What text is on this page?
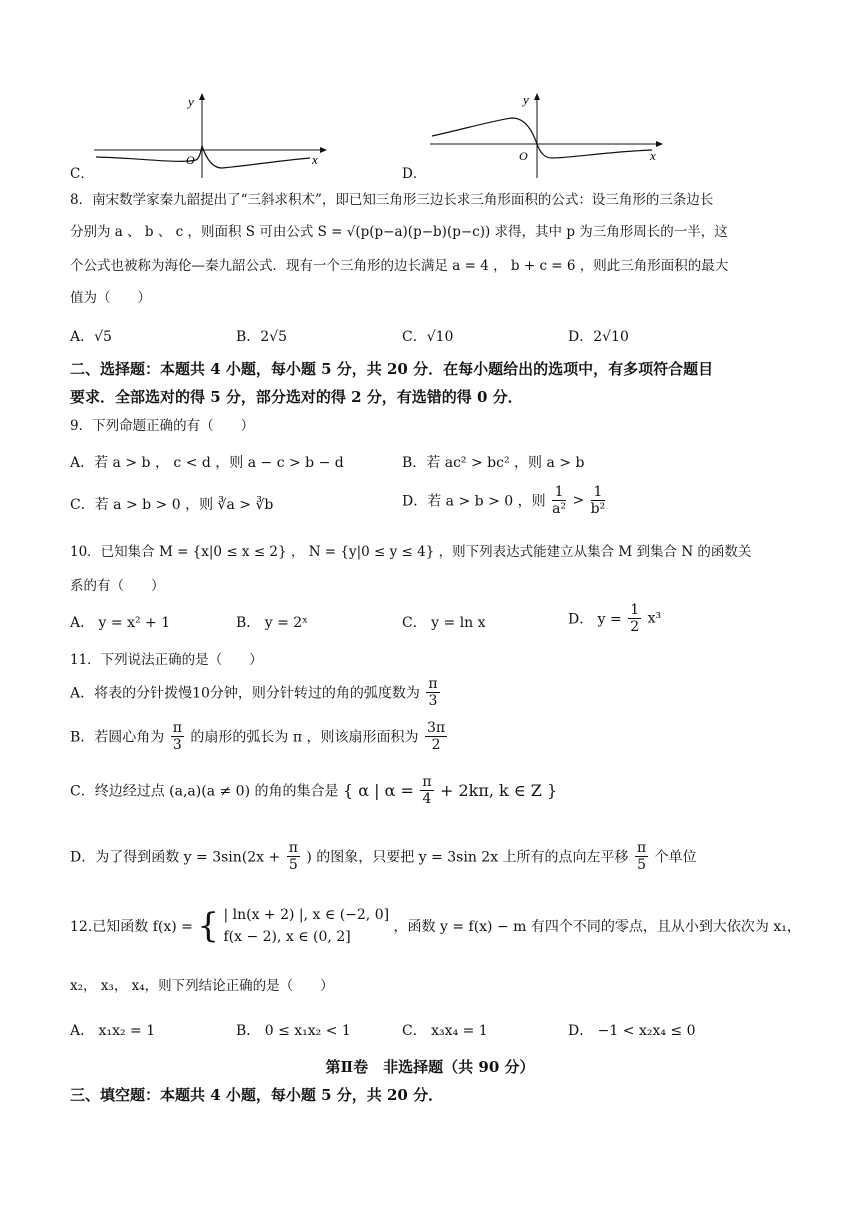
y
x
O
C．
y
x
O
D．
8．南宋数学家秦九韶提出了“三斜求积术”，即已知三角形三边长求三角形面积的公式：设三角形的三条边长
分别为 a 、 b 、 c ，则面积 S 可由公式 S = √(p(p−a)(p−b)(p−c)) 求得，其中 p 为三角形周长的一半，这
个公式也被称为海伦—秦九韶公式．现有一个三角形的边长满足 a = 4 ， b + c = 6 ，则此三角形面积的最大
值为（　　）
A．√5	B．2√5	C．√10	D．2√10
二、选择题：本题共 4 小题，每小题 5 分，共 20 分．在每小题给出的选项中，有多项符合题目
要求．全部选对的得 5 分，部分选对的得 2 分，有选错的得 0 分．
9．下列命题正确的有（　　）
A．若 a > b ， c < d ，则 a − c > b − d	B．若 ac² > bc² ，则 a > b
C．若 a > b > 0 ，则 ∛a > ∛b	D．若 a > b > 0 ，则 $\frac{1}{\text{a²}} > \frac{1}{\text{b²}}$
10．已知集合 M = {x|0 ≤ x ≤ 2} ， N = {y|0 ≤ y ≤ 4} ，则下列表达式能建立从集合 M 到集合 N 的函数关
系的有（　　）
A． y = x² + 1	B． y = 2ˣ	C． y = ln x	D． $y = \frac{1}{2} x^3$
11．下列说法正确的是（　　）
A．将表的分针拨慢10分钟，则分针转过的角的弧度数为 $\frac{\pi}{3}$
B．若圆心角为 $\frac{\pi}{3}$ 的扇形的弧长为 π ，则该扇形面积为 $\frac{3\pi}{2}$
C．终边经过点 (a,a)(a ≠ 0) 的角的集合是 { α | $\alpha = \frac{\pi}{4} + 2k\pi$, k ∈ Z }
D．为了得到函数 $y = 3\sin(2x + \frac{\pi}{5}$ ) 的图象，只要把 y = 3sin 2x 上所有的点向左平移 $\frac{\pi}{5}$ 个单位
12.已知函数 f(x) = { | ln(x + 2) |, x ∈ (−2, 0]
f(x − 2), x ∈ (0, 2]
，函数 y = f(x) − m 有四个不同的零点，且从小到大依次为 x₁，
x₂， x₃， x₄，则下列结论正确的是（　　）
A． x₁x₂ = 1	B． 0 ≤ x₁x₂ < 1	C． x₃x₄ = 1	D． −1 < x₂x₄ ≤ 0
第Ⅱ卷　非选择题（共 90 分）
三、填空题：本题共 4 小题，每小题 5 分，共 20 分．
